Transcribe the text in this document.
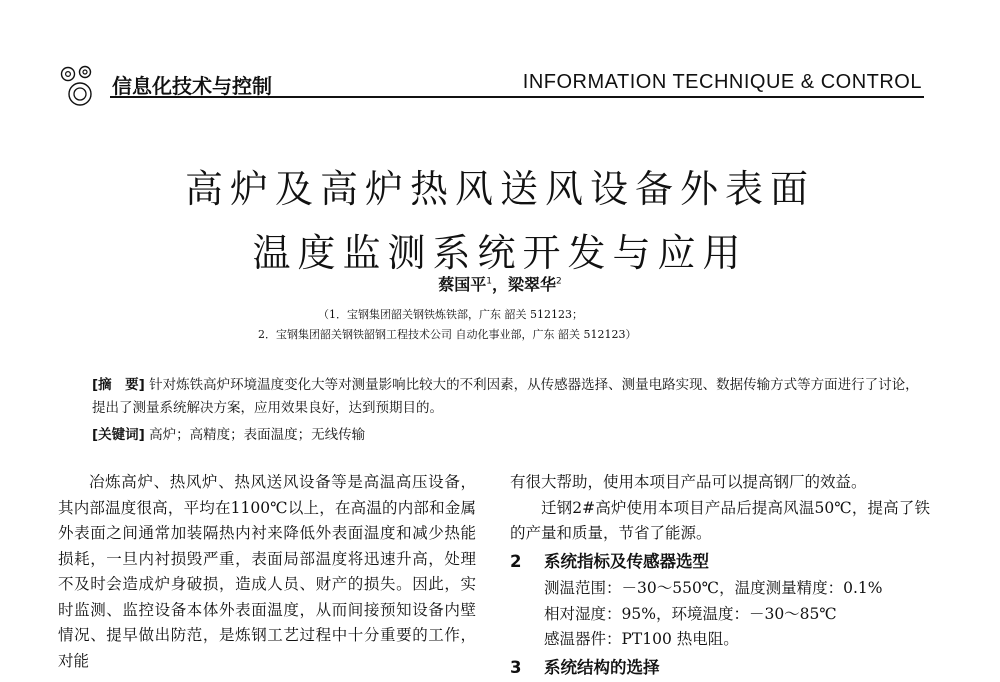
信息化技术与控制	INFORMATION TECHNIQUE & CONTROL
高炉及高炉热风送风设备外表面
温度监测系统开发与应用
蔡国平$^1$，梁翠华$^2$
（1．宝钢集团韶关钢铁炼铁部，广东 韶关 512123；
2．宝钢集团韶关钢铁韶钢工程技术公司 自动化事业部，广东 韶关 512123）
[摘　要] 针对炼铁高炉环境温度变化大等对测量影响比较大的不利因素，从传感器选择、测量电路实现、数据传输方式等方面进行了讨论，提出了测量系统解决方案，应用效果良好，达到预期目的。
[关键词] 高炉；高精度；表面温度；无线传输

冶炼高炉、热风炉、热风送风设备等是高温高压设备，其内部温度很高，平均在1100℃以上，在高温的内部和金属外表面之间通常加装隔热内衬来降低外表面温度和减少热能损耗，一旦内衬损毁严重，表面局部温度将迅速升高，处理不及时会造成炉身破损，造成人员、财产的损失。因此，实时监测、监控设备本体外表面温度，从而间接预知设备内壁情况、提早做出防范，是炼钢工艺过程中十分重要的工作，对能

有很大帮助，使用本项目产品可以提高钢厂的效益。

迁钢2#高炉使用本项目产品后提高风温50℃，提高了铁的产量和质量，节省了能源。

2 系统指标及传感器选型

测温范围：－30～550℃，温度测量精度：0.1%

相对湿度：95%，环境温度：－30～85℃

感温器件：PT100 热电阻。

3 系统结构的选择
